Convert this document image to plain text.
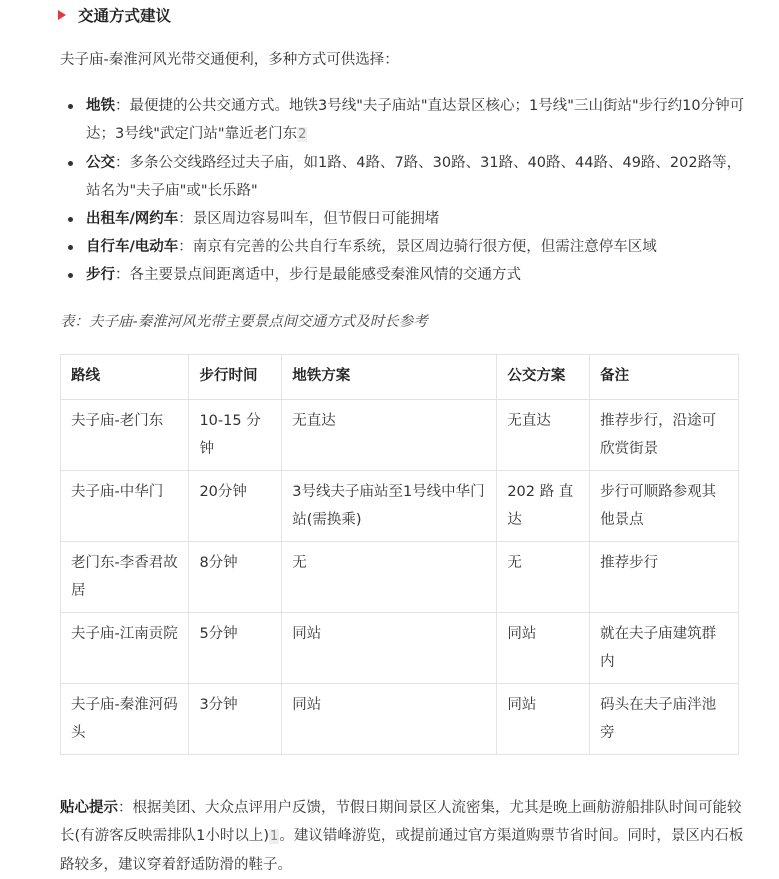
交通方式建议
夫子庙-秦淮河风光带交通便利，多种方式可供选择：
地铁：最便捷的公共交通方式。地铁3号线"夫子庙站"直达景区核心；1号线"三山街站"步行约10分钟可达；3号线"武定门站"靠近老门东2
公交：多条公交线路经过夫子庙，如1路、4路、7路、30路、31路、40路、44路、49路、202路等，站名为"夫子庙"或"长乐路"
出租车/网约车：景区周边容易叫车，但节假日可能拥堵
自行车/电动车：南京有完善的公共自行车系统，景区周边骑行很方便，但需注意停车区域
步行：各主要景点间距离适中，步行是最能感受秦淮风情的交通方式
表：夫子庙-秦淮河风光带主要景点间交通方式及时长参考
路线	步行时间	地铁方案	公交方案	备注
夫子庙-老门东	10-15 分钟	无直达	无直达	推荐步行，沿途可欣赏街景
夫子庙-中华门	20分钟	3号线夫子庙站至1号线中华门站(需换乘)	202 路 直达	步行可顺路参观其他景点
老门东-李香君故居	8分钟	无	无	推荐步行
夫子庙-江南贡院	5分钟	同站	同站	就在夫子庙建筑群内
夫子庙-秦淮河码头	3分钟	同站	同站	码头在夫子庙泮池旁
贴心提示：根据美团、大众点评用户反馈，节假日期间景区人流密集，尤其是晚上画舫游船排队时间可能较长(有游客反映需排队1小时以上)1。建议错峰游览，或提前通过官方渠道购票节省时间。同时，景区内石板路较多，建议穿着舒适防滑的鞋子。
